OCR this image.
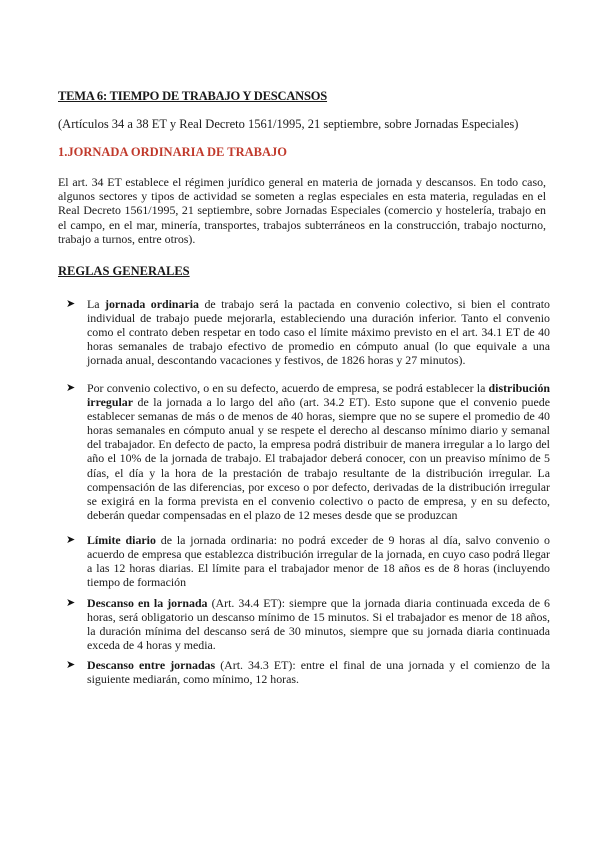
TEMA 6: TIEMPO DE TRABAJO Y DESCANSOS
(Artículos 34 a 38 ET y Real Decreto 1561/1995, 21 septiembre, sobre Jornadas Especiales)
1.JORNADA ORDINARIA DE TRABAJO
El art. 34 ET establece el régimen jurídico general en materia de jornada y descansos. En todo caso, algunos sectores y tipos de actividad se someten a reglas especiales en esta materia, reguladas en el Real Decreto 1561/1995, 21 septiembre, sobre Jornadas Especiales (comercio y hostelería, trabajo en el campo, en el mar, minería, transportes, trabajos subterráneos en la construcción, trabajo nocturno, trabajo a turnos, entre otros).
REGLAS GENERALES
➤ La jornada ordinaria de trabajo será la pactada en convenio colectivo, si bien el contrato individual de trabajo puede mejorarla, estableciendo una duración inferior. Tanto el convenio como el contrato deben respetar en todo caso el límite máximo previsto en el art. 34.1 ET de 40 horas semanales de trabajo efectivo de promedio en cómputo anual (lo que equivale a una jornada anual, descontando vacaciones y festivos, de 1826 horas y 27 minutos).
➤ Por convenio colectivo, o en su defecto, acuerdo de empresa, se podrá establecer la distribución irregular de la jornada a lo largo del año (art. 34.2 ET). Esto supone que el convenio puede establecer semanas de más o de menos de 40 horas, siempre que no se supere el promedio de 40 horas semanales en cómputo anual y se respete el derecho al descanso mínimo diario y semanal del trabajador. En defecto de pacto, la empresa podrá distribuir de manera irregular a lo largo del año el 10% de la jornada de trabajo. El trabajador deberá conocer, con un preaviso mínimo de 5 días, el día y la hora de la prestación de trabajo resultante de la distribución irregular. La compensación de las diferencias, por exceso o por defecto, derivadas de la distribución irregular se exigirá en la forma prevista en el convenio colectivo o pacto de empresa, y en su defecto, deberán quedar compensadas en el plazo de 12 meses desde que se produzcan
➤ Límite diario de la jornada ordinaria: no podrá exceder de 9 horas al día, salvo convenio o acuerdo de empresa que establezca distribución irregular de la jornada, en cuyo caso podrá llegar a las 12 horas diarias. El límite para el trabajador menor de 18 años es de 8 horas (incluyendo tiempo de formación
➤ Descanso en la jornada (Art. 34.4 ET): siempre que la jornada diaria continuada exceda de 6 horas, será obligatorio un descanso mínimo de 15 minutos. Si el trabajador es menor de 18 años, la duración mínima del descanso será de 30 minutos, siempre que su jornada diaria continuada exceda de 4 horas y media.
➤ Descanso entre jornadas (Art. 34.3 ET): entre el final de una jornada y el comienzo de la siguiente mediarán, como mínimo, 12 horas.
